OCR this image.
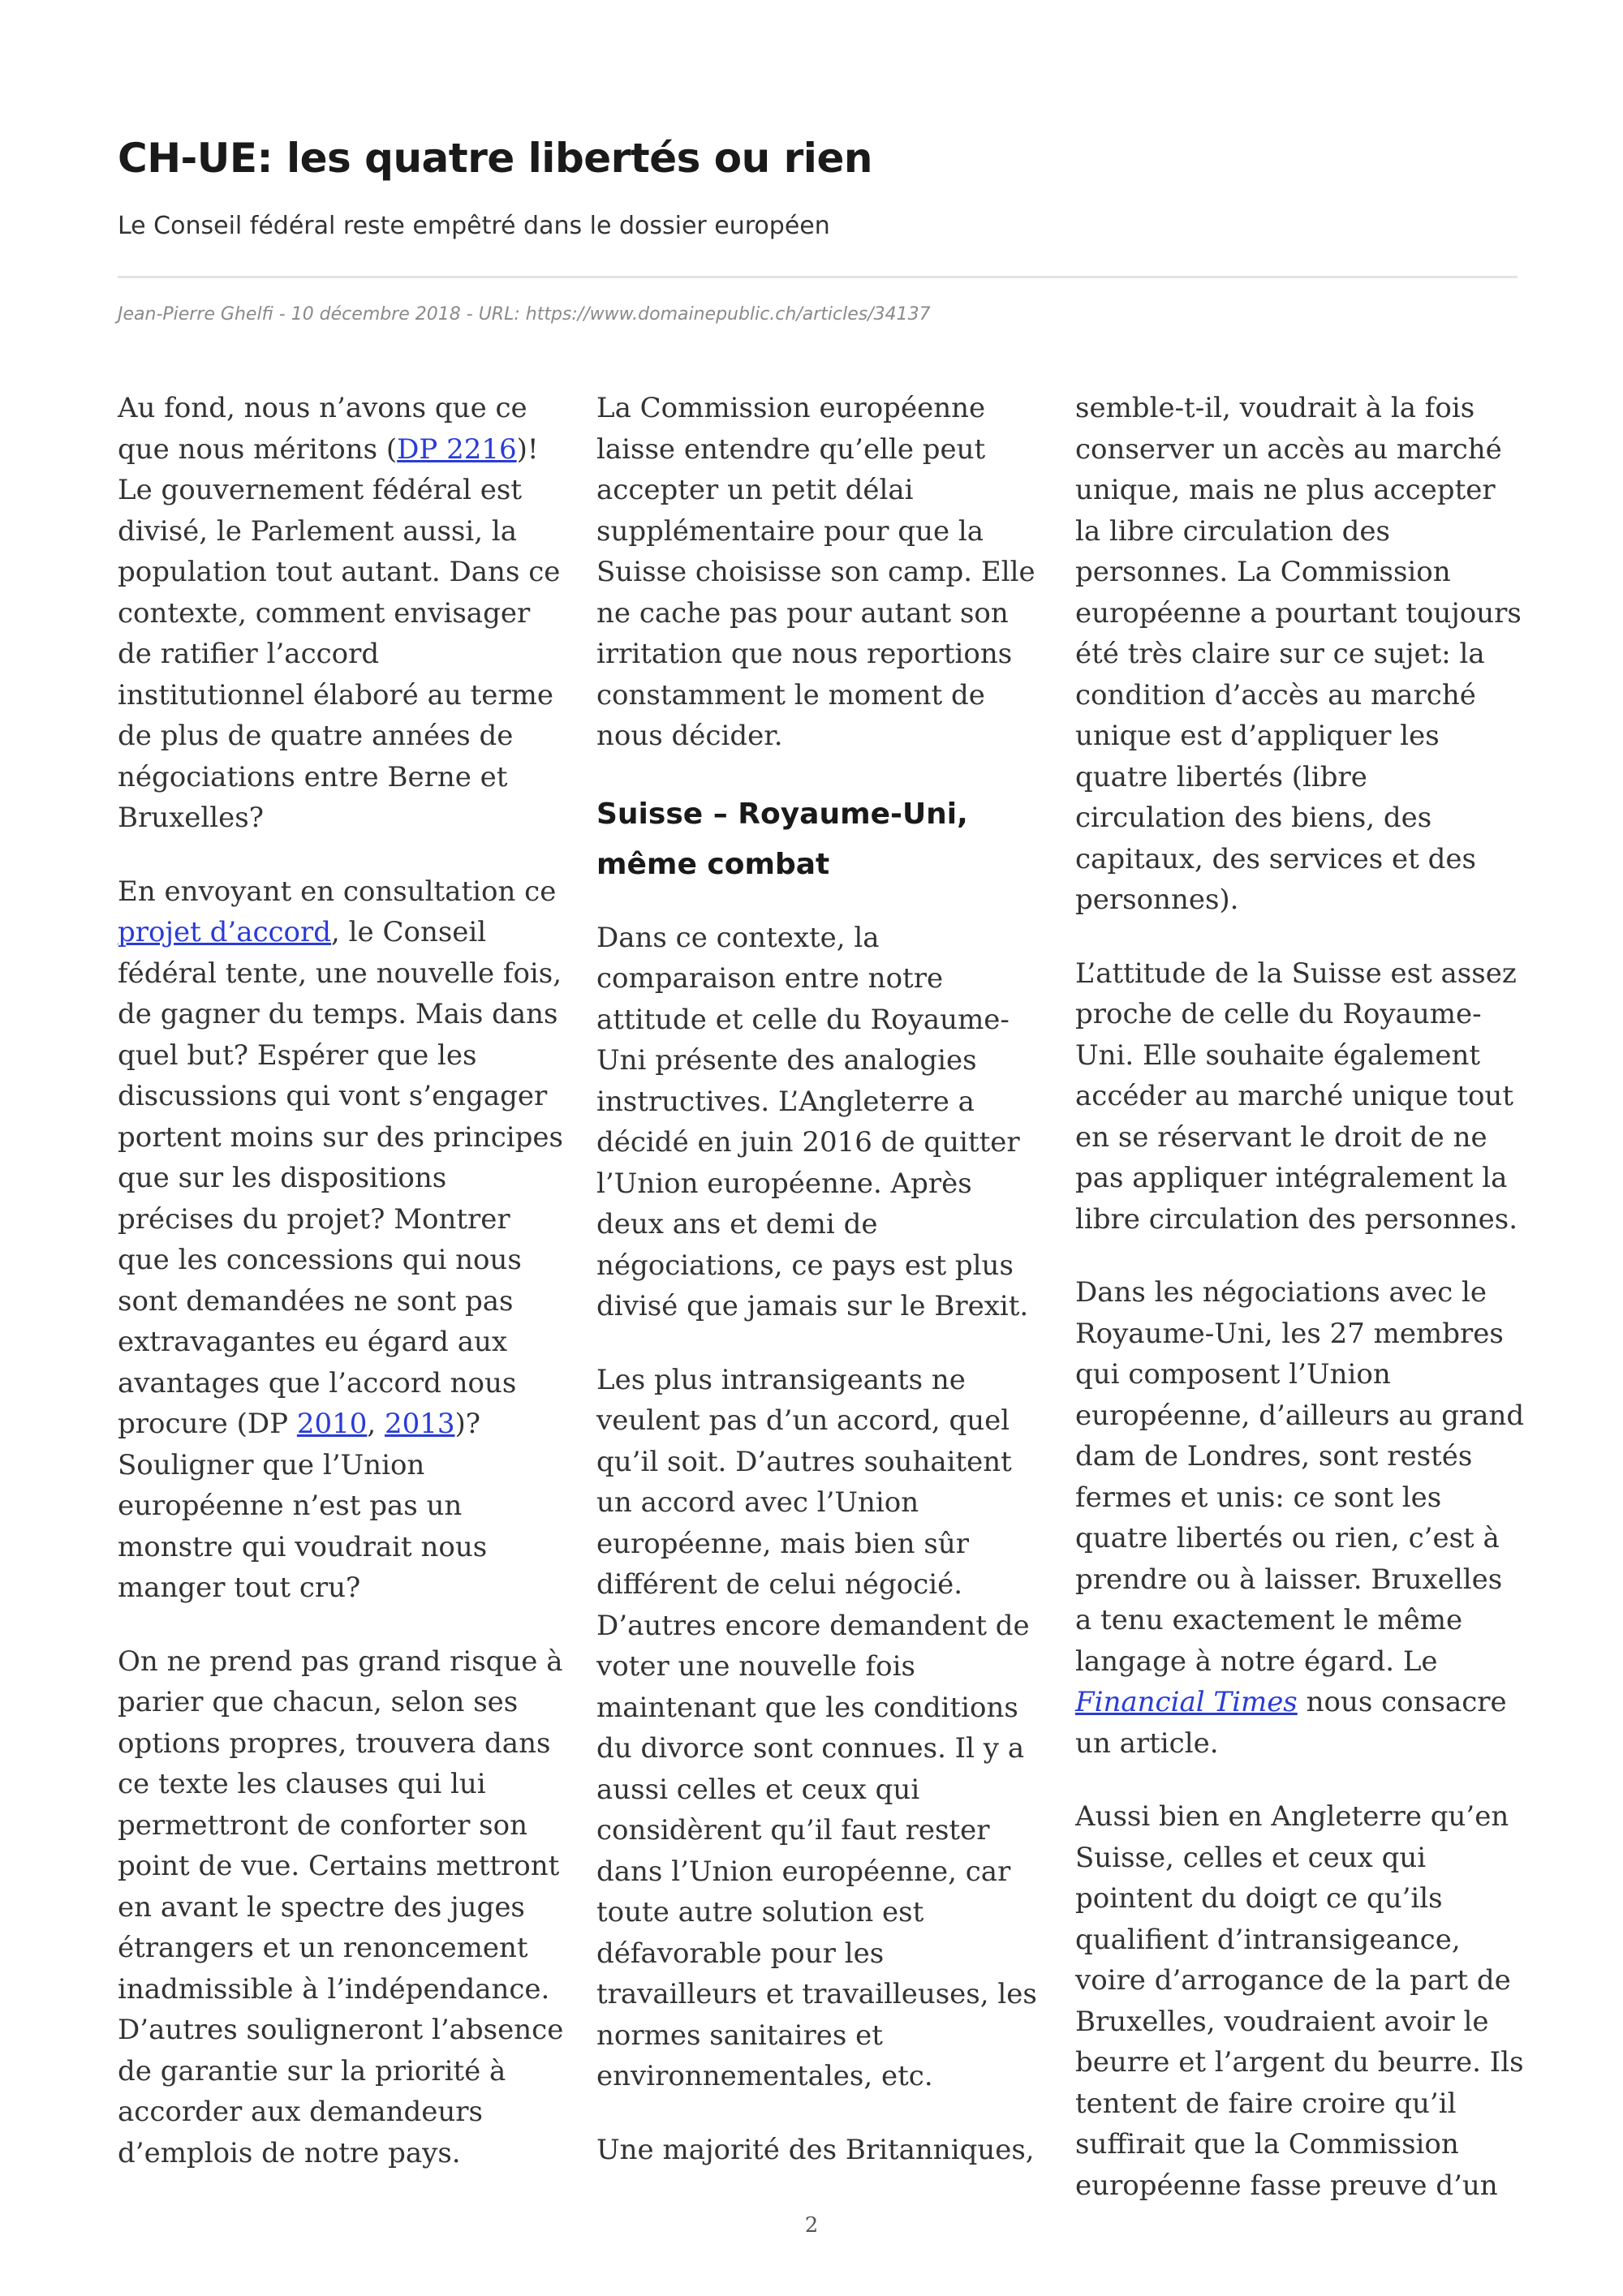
CH-UE: les quatre libertés ou rien
Le Conseil fédéral reste empêtré dans le dossier européen
Jean-Pierre Ghelfi - 10 décembre 2018 - URL: https://www.domainepublic.ch/articles/34137

Au fond, nous n’avons que ce que nous méritons (DP 2216)! Le gouvernement fédéral est divisé, le Parlement aussi, la population tout autant. Dans ce contexte, comment envisager de ratifier l’accord institutionnel élaboré au terme de plus de quatre années de négociations entre Berne et Bruxelles?

En envoyant en consultation ce projet d’accord, le Conseil fédéral tente, une nouvelle fois, de gagner du temps. Mais dans quel but? Espérer que les discussions qui vont s’engager portent moins sur des principes que sur les dispositions précises du projet? Montrer que les concessions qui nous sont demandées ne sont pas extravagantes eu égard aux avantages que l’accord nous procure (DP 2010, 2013)? Souligner que l’Union européenne n’est pas un monstre qui voudrait nous manger tout cru?

On ne prend pas grand risque à parier que chacun, selon ses options propres, trouvera dans ce texte les clauses qui lui permettront de conforter son point de vue. Certains mettront en avant le spectre des juges étrangers et un renoncement inadmissible à l’indépendance. D’autres souligneront l’absence de garantie sur la priorité à accorder aux demandeurs d’emplois de notre pays.

La Commission européenne laisse entendre qu’elle peut accepter un petit délai supplémentaire pour que la Suisse choisisse son camp. Elle ne cache pas pour autant son irritation que nous reportions constamment le moment de nous décider.

Suisse – Royaume-Uni, même combat

Dans ce contexte, la comparaison entre notre attitude et celle du Royaume-Uni présente des analogies instructives. L’Angleterre a décidé en juin 2016 de quitter l’Union européenne. Après deux ans et demi de négociations, ce pays est plus divisé que jamais sur le Brexit.

Les plus intransigeants ne veulent pas d’un accord, quel qu’il soit. D’autres souhaitent un accord avec l’Union européenne, mais bien sûr différent de celui négocié. D’autres encore demandent de voter une nouvelle fois maintenant que les conditions du divorce sont connues. Il y a aussi celles et ceux qui considèrent qu’il faut rester dans l’Union européenne, car toute autre solution est défavorable pour les travailleurs et travailleuses, les normes sanitaires et environnementales, etc.

Une majorité des Britanniques,

semble-t-il, voudrait à la fois conserver un accès au marché unique, mais ne plus accepter la libre circulation des personnes. La Commission européenne a pourtant toujours été très claire sur ce sujet: la condition d’accès au marché unique est d’appliquer les quatre libertés (libre circulation des biens, des capitaux, des services et des personnes).

L’attitude de la Suisse est assez proche de celle du Royaume-Uni. Elle souhaite également accéder au marché unique tout en se réservant le droit de ne pas appliquer intégralement la libre circulation des personnes.

Dans les négociations avec le Royaume-Uni, les 27 membres qui composent l’Union européenne, d’ailleurs au grand dam de Londres, sont restés fermes et unis: ce sont les quatre libertés ou rien, c’est à prendre ou à laisser. Bruxelles a tenu exactement le même langage à notre égard. Le Financial Times nous consacre un article.

Aussi bien en Angleterre qu’en Suisse, celles et ceux qui pointent du doigt ce qu’ils qualifient d’intransigeance, voire d’arrogance de la part de Bruxelles, voudraient avoir le beurre et l’argent du beurre. Ils tentent de faire croire qu’il suffirait que la Commission européenne fasse preuve d’un

2
